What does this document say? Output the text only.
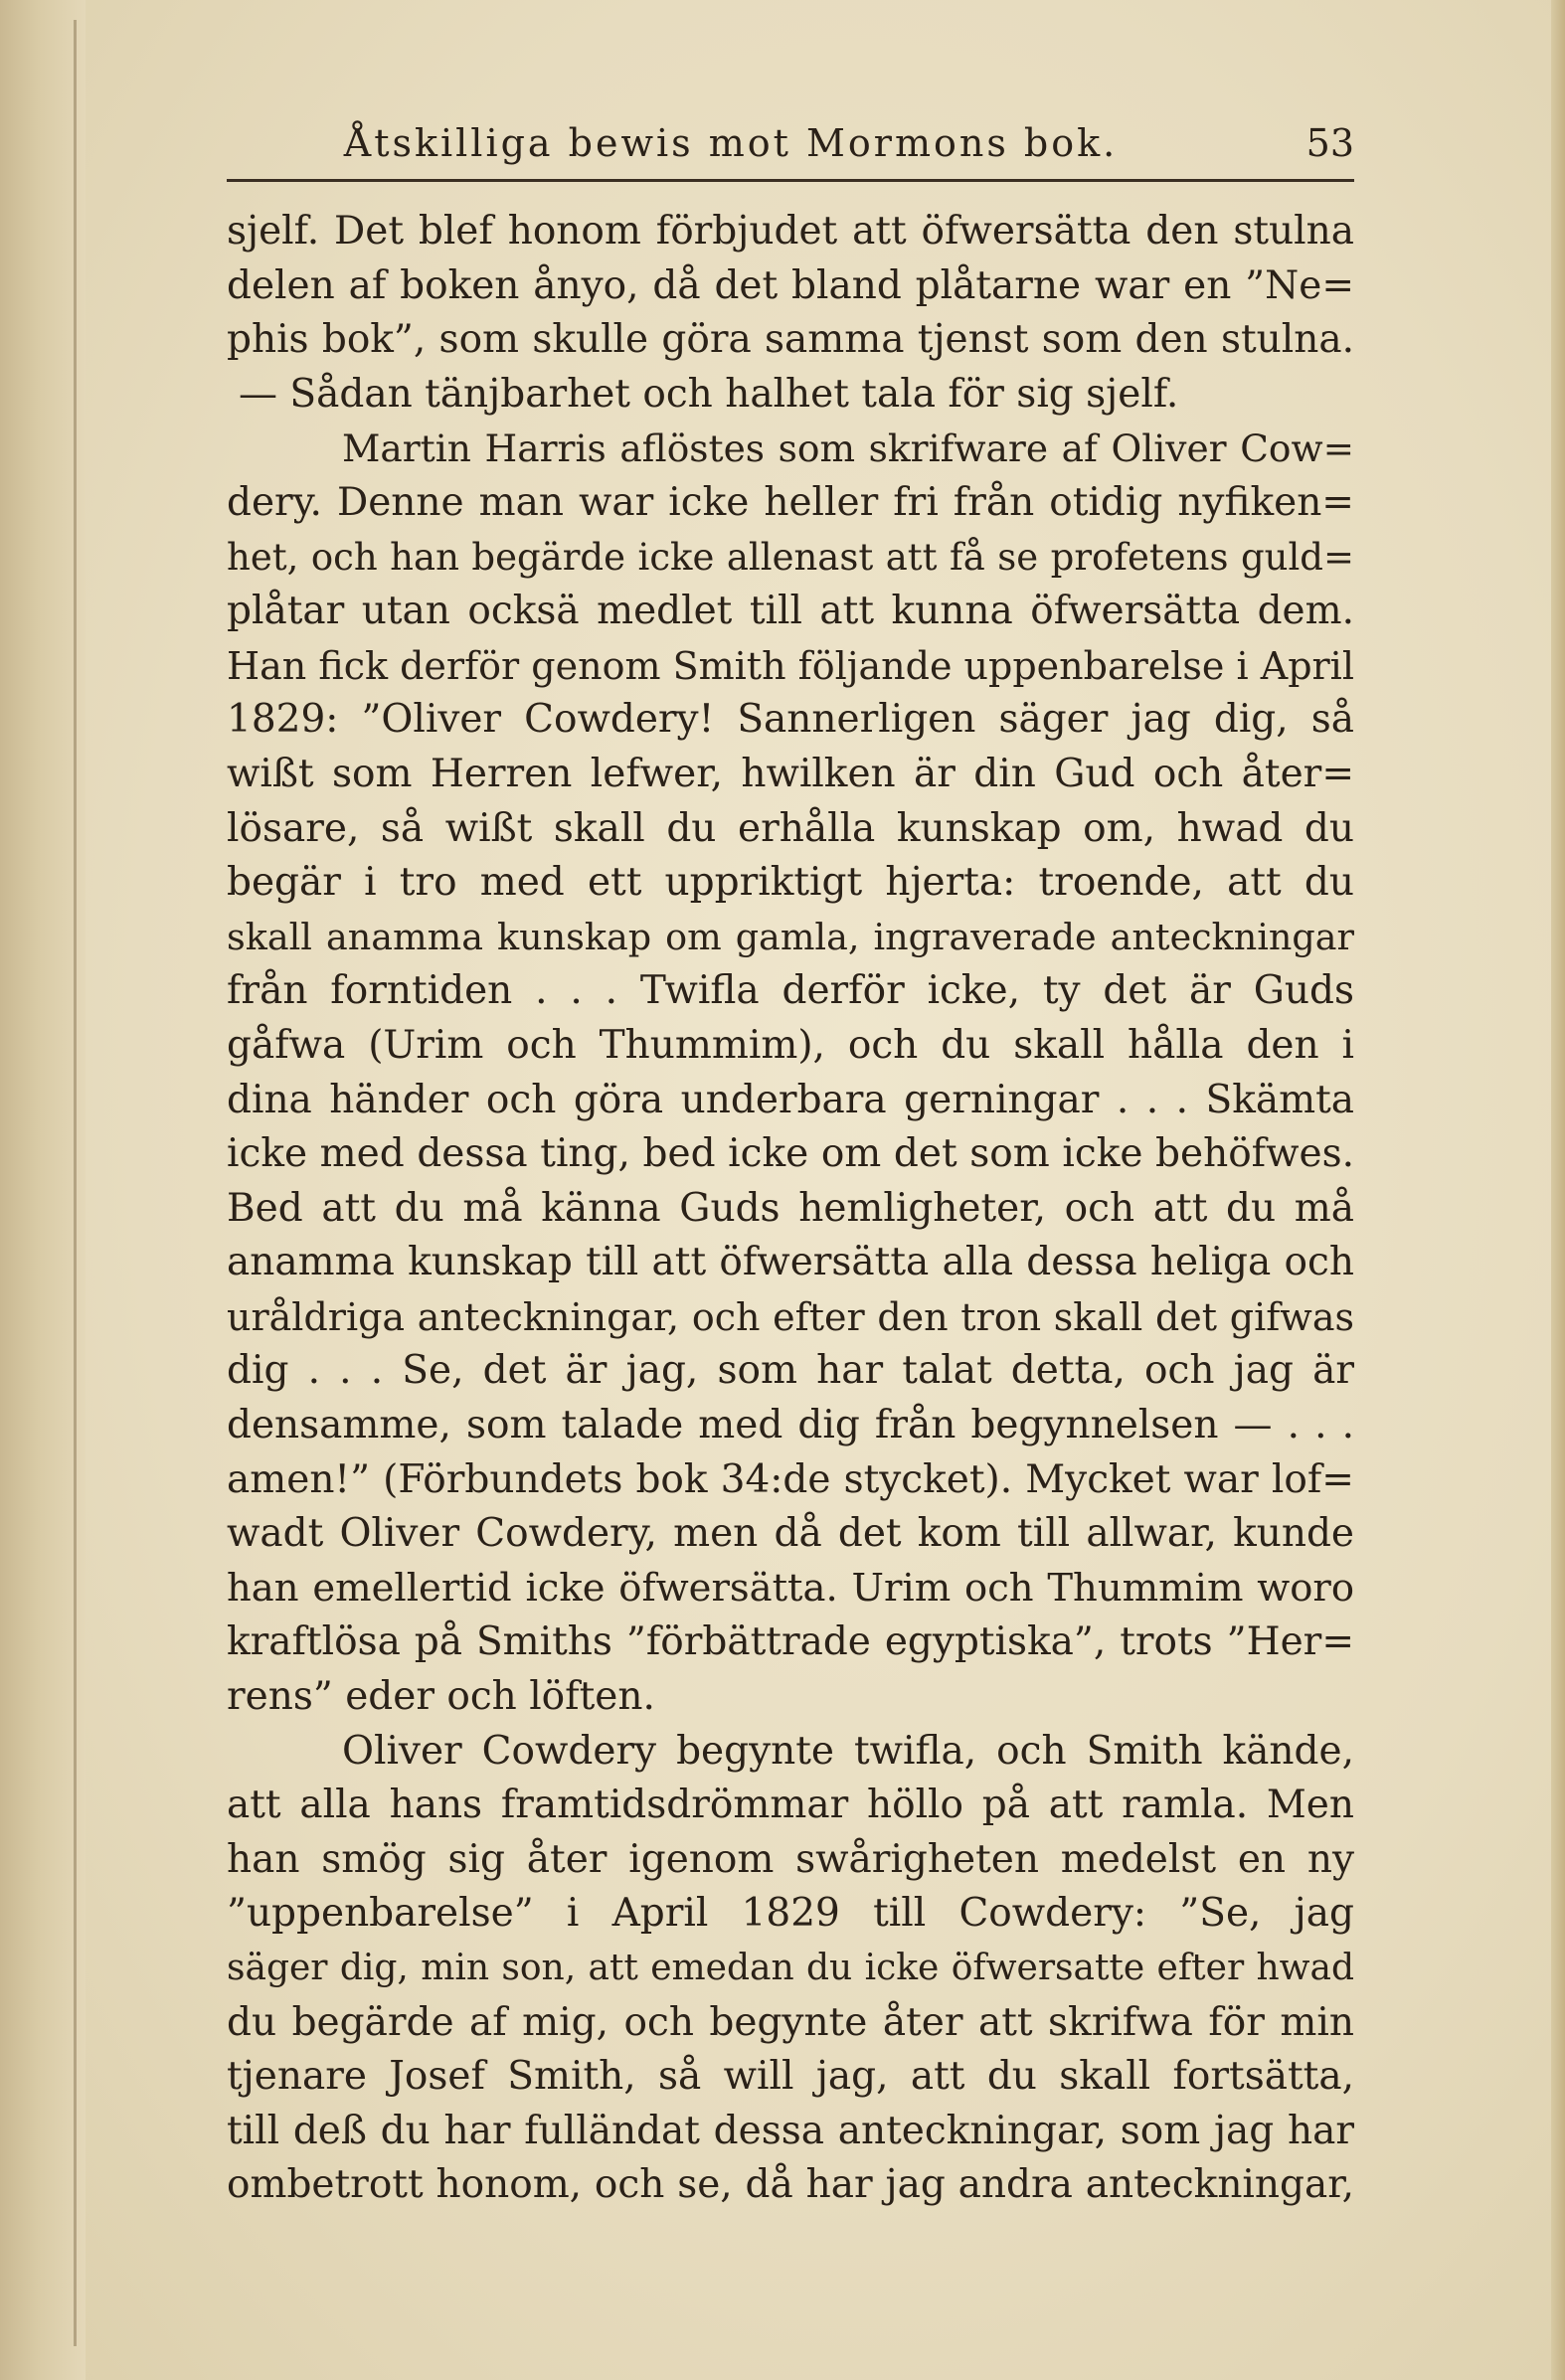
Åtskilliga bewis mot Mormons bok.	53
sjelf. Det blef honom förbjudet att öfwersätta den stulna
delen af boken ånyo, då det bland plåtarne war en ”Ne=
phis bok”, som skulle göra samma tjenst som den stulna.
— Sådan tänjbarhet och halhet tala för sig sjelf.
Martin Harris aflöstes som skrifware af Oliver Cow=
dery. Denne man war icke heller fri från otidig nyfiken=
het, och han begärde icke allenast att få se profetens guld=
plåtar utan ocksä medlet till att kunna öfwersätta dem.
Han fick derför genom Smith följande uppenbarelse i April
1829: ”Oliver Cowdery! Sannerligen säger jag dig, så
wißt som Herren lefwer, hwilken är din Gud och åter=
lösare, så wißt skall du erhålla kunskap om, hwad du
begär i tro med ett uppriktigt hjerta: troende, att du
skall anamma kunskap om gamla, ingraverade anteckningar
från forntiden . . . Twifla derför icke, ty det är Guds
gåfwa (Urim och Thummim), och du skall hålla den i
dina händer och göra underbara gerningar . . . Skämta
icke med dessa ting, bed icke om det som icke behöfwes.
Bed att du må känna Guds hemligheter, och att du må
anamma kunskap till att öfwersätta alla dessa heliga och
uråldriga anteckningar, och efter den tron skall det gifwas
dig . . . Se, det är jag, som har talat detta, och jag är
densamme, som talade med dig från begynnelsen — . . .
amen!” (Förbundets bok 34:de stycket). Mycket war lof=
wadt Oliver Cowdery, men då det kom till allwar, kunde
han emellertid icke öfwersätta. Urim och Thummim woro
kraftlösa på Smiths ”förbättrade egyptiska”, trots ”Her=
rens” eder och löften.
Oliver Cowdery begynte twifla, och Smith kände,
att alla hans framtidsdrömmar höllo på att ramla. Men
han smög sig åter igenom swårigheten medelst en ny
”uppenbarelse” i April 1829 till Cowdery: ”Se, jag
säger dig, min son, att emedan du icke öfwersatte efter hwad
du begärde af mig, och begynte åter att skrifwa för min
tjenare Josef Smith, så will jag, att du skall fortsätta,
till deß du har fulländat dessa anteckningar, som jag har
ombetrott honom, och se, då har jag andra anteckningar,
